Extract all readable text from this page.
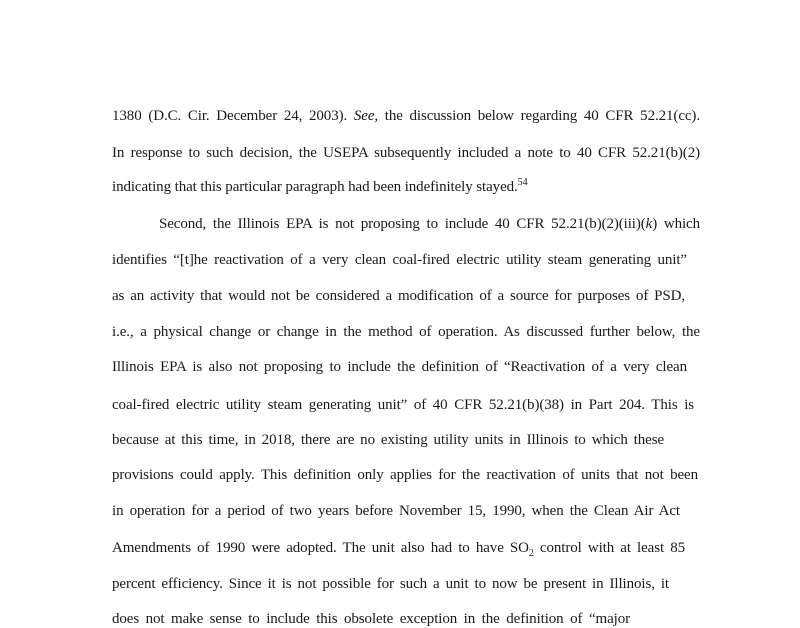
1380 (D.C. Cir. December 24, 2003). See, the discussion below regarding 40 CFR 52.21(cc).
In response to such decision, the USEPA subsequently included a note to 40 CFR 52.21(b)(2)
indicating that this particular paragraph had been indefinitely stayed.$^{54}$
Second, the Illinois EPA is not proposing to include 40 CFR 52.21(b)(2)(iii)(k) which
identifies “[t]he reactivation of a very clean coal-fired electric utility steam generating unit”
as an activity that would not be considered a modification of a source for purposes of PSD,
i.e., a physical change or change in the method of operation. As discussed further below, the
Illinois EPA is also not proposing to include the definition of “Reactivation of a very clean
coal-fired electric utility steam generating unit” of 40 CFR 52.21(b)(38) in Part 204. This is
because at this time, in 2018, there are no existing utility units in Illinois to which these
provisions could apply. This definition only applies for the reactivation of units that not been
in operation for a period of two years before November 15, 1990, when the Clean Air Act
Amendments of 1990 were adopted. The unit also had to have $SO_2$ control with at least 85
percent efficiency. Since it is not possible for such a unit to now be present in Illinois, it
does not make sense to include this obsolete exception in the definition of “major
